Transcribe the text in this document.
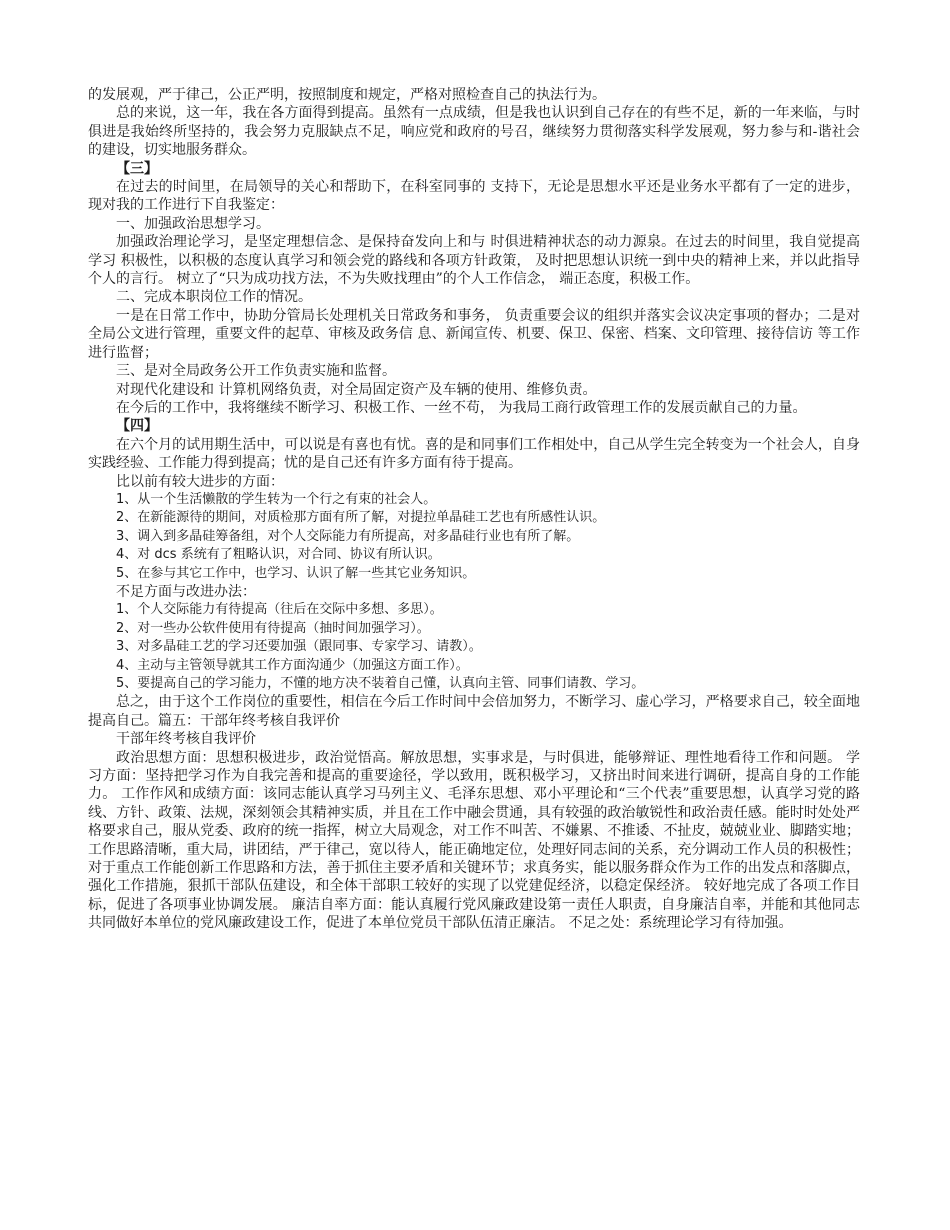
的发展观，严于律己，公正严明，按照制度和规定，严格对照检查自己的执法行为。

总的来说，这一年，我在各方面得到提高。虽然有一点成绩，但是我也认识到自己存在的有些不足，新的一年来临，与时俱进是我始终所坚持的，我会努力克服缺点不足，响应党和政府的号召，继续努力贯彻落实科学发展观，努力参与和-谐社会的建设，切实地服务群众。

【三】

在过去的时间里，在局领导的关心和帮助下，在科室同事的 支持下，无论是思想水平还是业务水平都有了一定的进步，现对我的工作进行下自我鉴定：

一、加强政治思想学习。

加强政治理论学习，是坚定理想信念、是保持奋发向上和与 时俱进精神状态的动力源泉。在过去的时间里，我自觉提高学习 积极性，以积极的态度认真学习和领会党的路线和各项方针政策， 及时把思想认识统一到中央的精神上来，并以此指导个人的言行。 树立了“只为成功找方法，不为失败找理由”的个人工作信念， 端正态度，积极工作。

二、完成本职岗位工作的情况。

一是在日常工作中，协助分管局长处理机关日常政务和事务， 负责重要会议的组织并落实会议决定事项的督办；二是对全局公文进行管理，重要文件的起草、审核及政务信 息、新闻宣传、机要、保卫、保密、档案、文印管理、接待信访 等工作进行监督；

三、是对全局政务公开工作负责实施和监督。

对现代化建设和 计算机网络负责，对全局固定资产及车辆的使用、维修负责。

在今后的工作中，我将继续不断学习、积极工作、一丝不苟， 为我局工商行政管理工作的发展贡献自己的力量。

【四】

在六个月的试用期生活中，可以说是有喜也有忧。喜的是和同事们工作相处中，自己从学生完全转变为一个社会人，自身实践经验、工作能力得到提高；忧的是自己还有许多方面有待于提高。

比以前有较大进步的方面：

1、从一个生活懒散的学生转为一个行之有束的社会人。

2、在新能源待的期间，对质检那方面有所了解，对提拉单晶硅工艺也有所感性认识。

3、调入到多晶硅筹备组，对个人交际能力有所提高，对多晶硅行业也有所了解。

4、对 dcs 系统有了粗略认识，对合同、协议有所认识。

5、在参与其它工作中，也学习、认识了解一些其它业务知识。

不足方面与改进办法：

1、个人交际能力有待提高（往后在交际中多想、多思）。

2、对一些办公软件使用有待提高（抽时间加强学习）。

3、对多晶硅工艺的学习还要加强（跟同事、专家学习、请教）。

4、主动与主管领导就其工作方面沟通少（加强这方面工作）。

5、要提高自己的学习能力，不懂的地方决不装着自己懂，认真向主管、同事们请教、学习。

总之，由于这个工作岗位的重要性，相信在今后工作时间中会倍加努力，不断学习、虚心学习，严格要求自己，较全面地提高自己。篇五：干部年终考核自我评价

干部年终考核自我评价

政治思想方面：思想积极进步，政治觉悟高。解放思想，实事求是，与时俱进，能够辩证、理性地看待工作和问题。 学习方面：坚持把学习作为自我完善和提高的重要途径，学以致用，既积极学习，又挤出时间来进行调研，提高自身的工作能力。 工作作风和成绩方面：该同志能认真学习马列主义、毛泽东思想、邓小平理论和“三个代表”重要思想，认真学习党的路线、方针、政策、法规，深刻领会其精神实质，并且在工作中融会贯通，具有较强的政治敏锐性和政治责任感。能时时处处严格要求自己，服从党委、政府的统一指挥，树立大局观念，对工作不叫苦、不嫌累、不推诿、不扯皮，兢兢业业、脚踏实地；工作思路清晰，重大局，讲团结，严于律己，宽以待人，能正确地定位，处理好同志间的关系，充分调动工作人员的积极性；对于重点工作能创新工作思路和方法，善于抓住主要矛盾和关键环节；求真务实，能以服务群众作为工作的出发点和落脚点，强化工作措施，狠抓干部队伍建设，和全体干部职工较好的实现了以党建促经济，以稳定保经济。 较好地完成了各项工作目标，促进了各项事业协调发展。 廉洁自率方面：能认真履行党风廉政建设第一责任人职责，自身廉洁自率，并能和其他同志共同做好本单位的党风廉政建设工作，促进了本单位党员干部队伍清正廉洁。 不足之处：系统理论学习有待加强。
